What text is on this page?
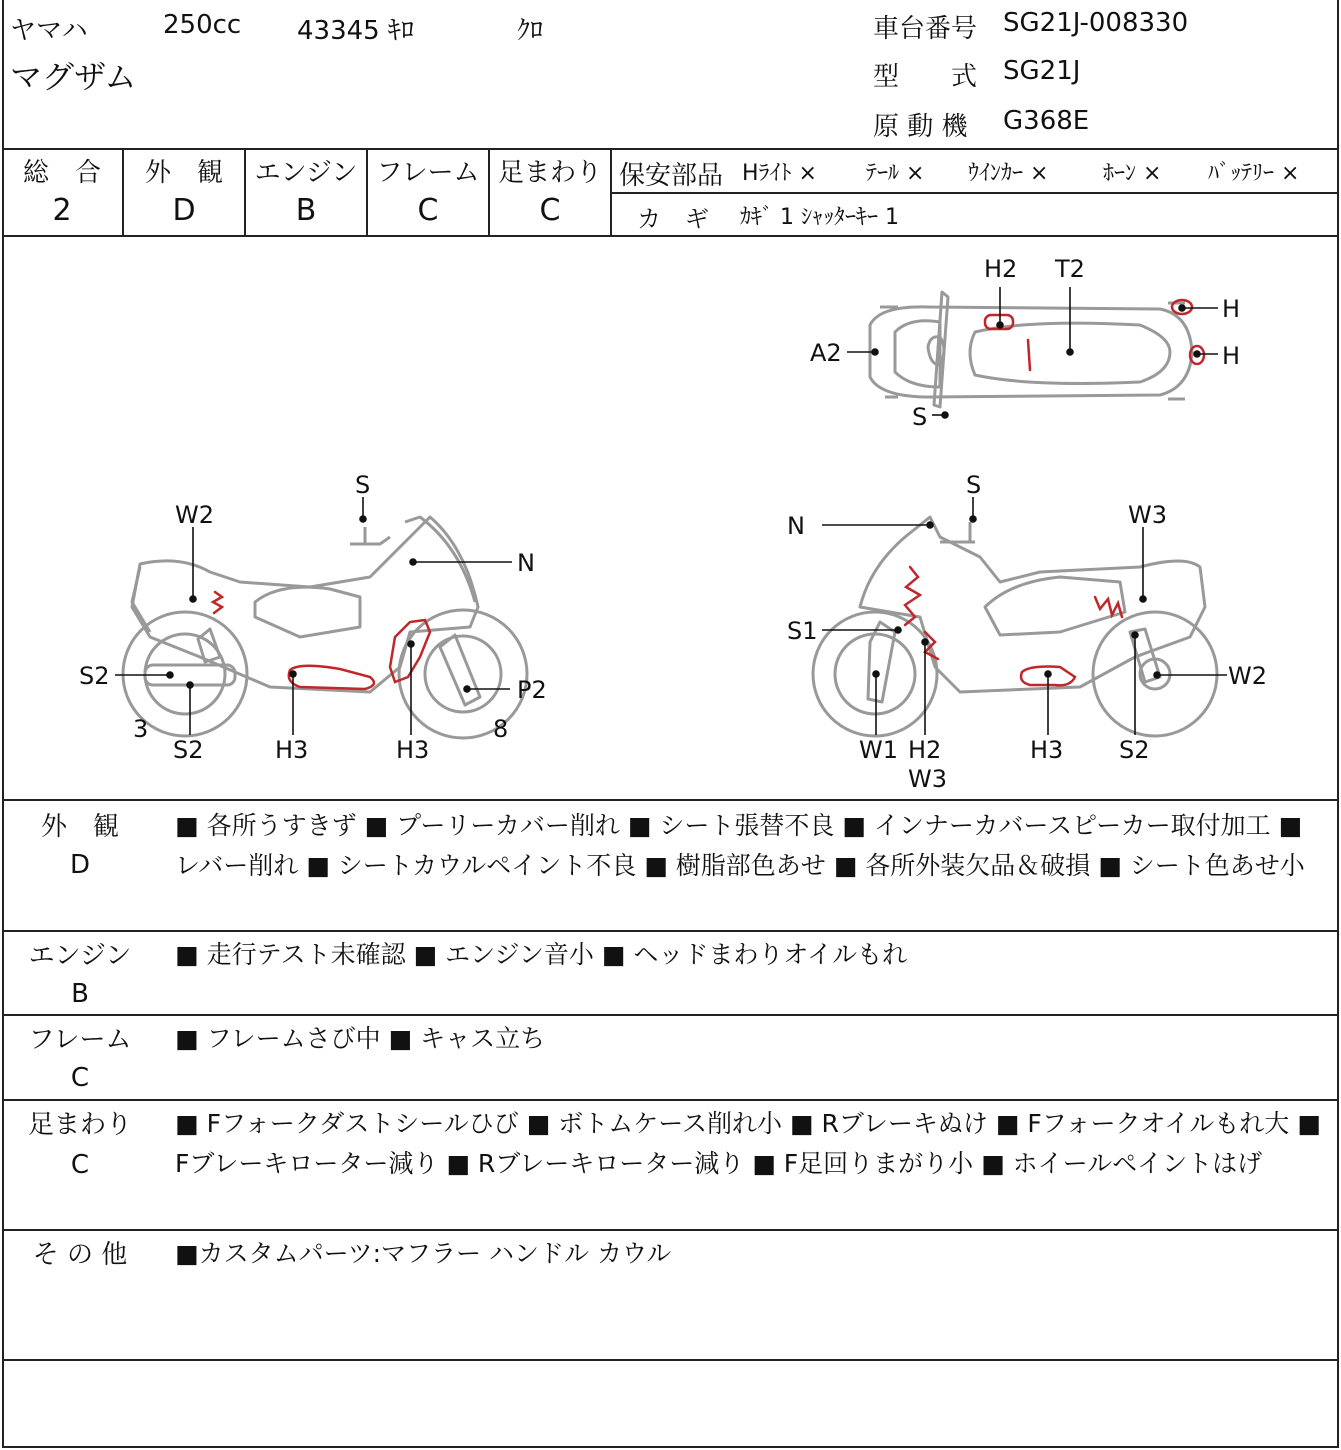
ヤマハ	250cc 43345 ｷﾛ	ｸﾛ
マグザム
車台番号 SG21J-008330
型　　式 SG21J
原 動 機 G368E
総　合
2
外　観
D
エンジン
B
フレーム
C
足まわり
C
保安部品 Hﾗｲﾄ × ﾃｰﾙ × ｳｲﾝｶｰ × ﾎｰﾝ × ﾊﾞｯﾃﾘｰ ×
カ　ギ ｶｷﾞ 1 ｼｬｯﾀｰｷｰ 1
H2 T2
H
H
A2
S
S
W2
N
S2	P2
3
S2	H3	H3
8
S
N	W3
S1
W2
W1 H2
W3
H3 S2
外　観
D
■ 各所うすきず ■ プーリーカバー削れ ■ シート張替不良 ■ インナーカバースピーカー取付加工 ■ レバー削れ ■ シートカウルペイント不良 ■ 樹脂部色あせ ■ 各所外装欠品＆破損 ■ シート色あせ小
エンジン
B
■ 走行テスト未確認 ■ エンジン音小 ■ ヘッドまわりオイルもれ
フレーム
C
■ フレームさび中 ■ キャス立ち
足まわり
C
■ Fフォークダストシールひび ■ ボトムケース削れ小 ■ Rブレーキぬけ ■ Fフォークオイルもれ大 ■ Fブレーキローター減り ■ Rブレーキローター減り ■ F足回りまがり小 ■ ホイールペイントはげ
そ の 他	■カスタムパーツ:マフラー ハンドル カウル
